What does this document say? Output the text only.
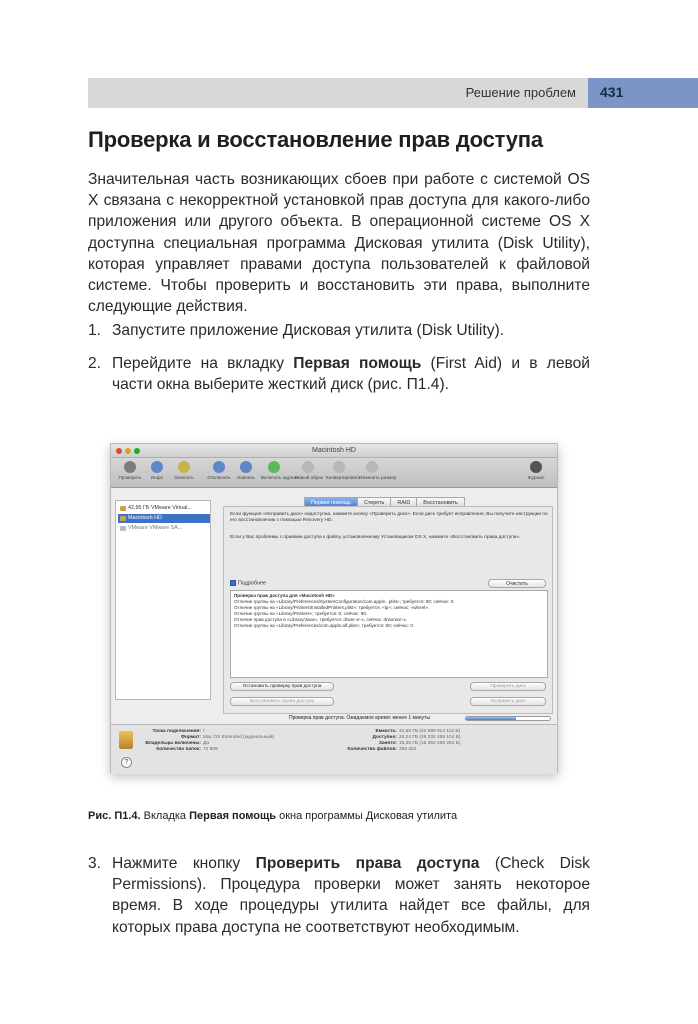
Решение проблем 431
Проверка и восстановление прав доступа

Значительная часть возникающих сбоев при работе с системой OS X связана с некорректной установкой прав доступа для какого-либо приложения или другого объекта. В операционной системе OS X доступна специальная программа Дисковая утилита (Disk Utility), которая управляет правами доступа пользователей к файловой системе. Чтобы проверить и восстановить эти права, выполните следующие действия.

1. Запустите приложение Дисковая утилита (Disk Utility).
2. Перейдите на вкладку Первая помощь (First Aid) и в левой части окна выберите жесткий диск (рис. П1.4).
Macintosh HD
Проверить	Инфо	Записать	Отключить	Извлечь	Включить журнал
Новый образ Конвертировать
Изменить размер	Журнал
42,95 ГБ VMware Virtual...
Macintosh HD
VMware VMware SA...
Первая помощь Стереть RAID Восстановить
Если функция «Исправить диск» недоступна, нажмите кнопку «Проверить диск». Если диск требует исправления, Вы получите инструкции по его восстановлению с помощью Recovery HD.
Если у Вас проблемы с правами доступа к файлу, установленному Установщиком OS X, нажмите «Восстановить права доступа».
Подробнее	Очистить
Проверка прав доступа для «Macintosh HD»
Отличие группы на «Library/Preferences/SystemConfiguration/com.apple...plist»; требуется: 80; сейчас: 0.
Отличие группы на «Library/Printers/InstalledPrinters.plist»; требуется: «lp»; сейчас: «wheel».
Отличие группы на «Library/Printers»; требуется: 0; сейчас: 80.
Отличие прав доступа в «Library/Java», требуется: drwxr-xr-x, сейчас: drwxrwxr-x.
Отличие группы на «Library/Preferences/com.apple.alf.plist»; требуется: 80; сейчас: 0.
Остановить проверку прав доступа
Восстановить права доступа
Проверить диск
Исправить диск
Проверка прав доступа. Ожидаемое время: менее 1 минуты
?
Точка подключения: /
Формат: Mac OS Extended (журнальный)
Владельцы включены: Да
Количество папок: 72 809
Емкость: 42,59 ГБ (42 589 914 112 Б)
Доступно: 26,24 ГБ (26 232 455 104 Б)
Занято: 16,35 ГБ (16 352 458 264 Б)
Количество файлов: 298 322
Рис. П1.4. Вкладка Первая помощь окна программы Дисковая утилита
3. Нажмите кнопку Проверить права доступа (Check Disk Permissions). Процедура проверки может занять некоторое время. В ходе процедуры утилита найдет все файлы, для которых права доступа не соответствуют необходимым.
